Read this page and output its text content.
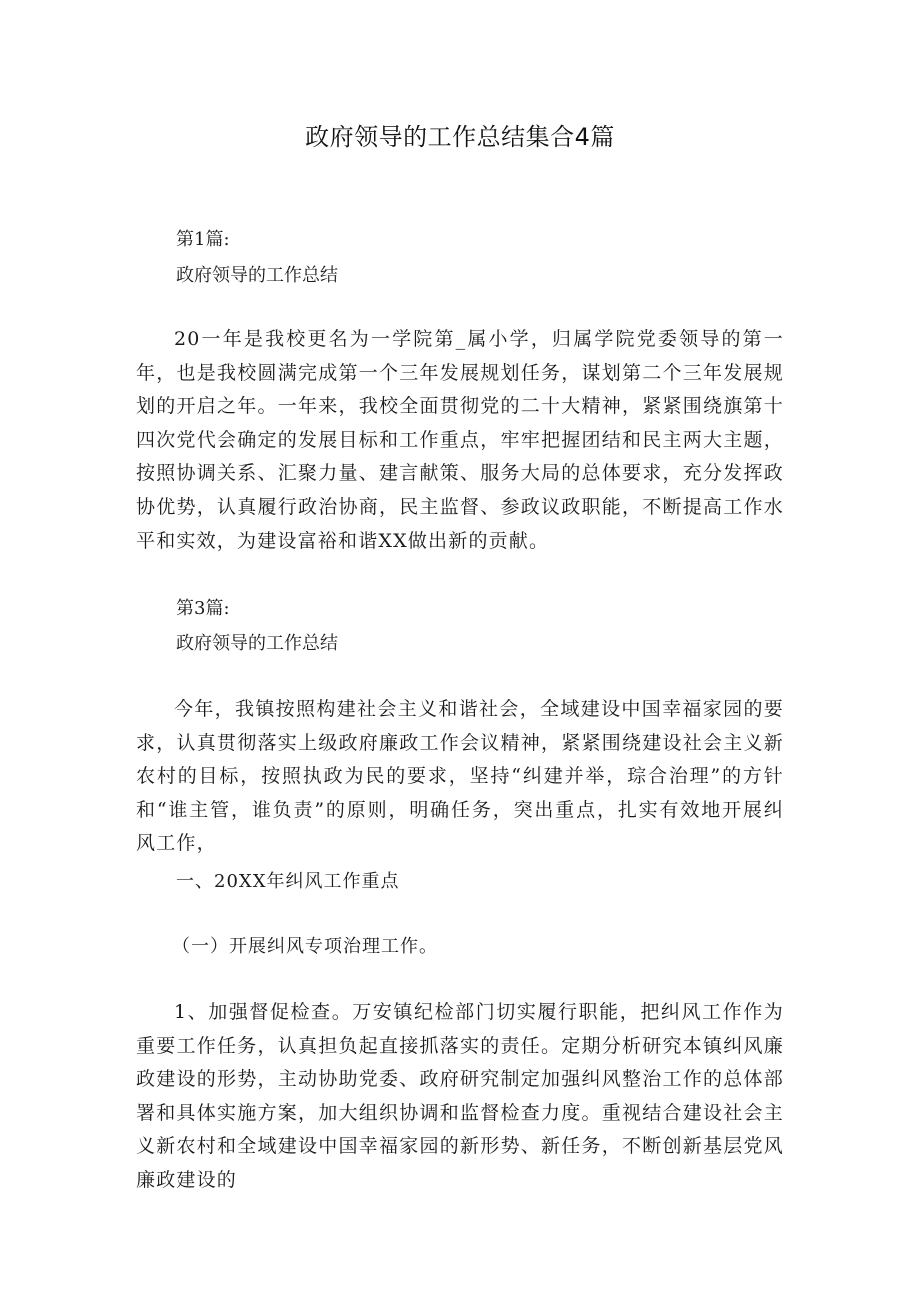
政府领导的工作总结集合4篇

第1篇:

政府领导的工作总结

20一年是我校更名为一学院第_属小学，归属学院党委领导的第一年，也是我校圆满完成第一个三年发展规划任务，谋划第二个三年发展规划的开启之年。一年来，我校全面贯彻党的二十大精神，紧紧围绕旗第十四次党代会确定的发展目标和工作重点，牢牢把握团结和民主两大主题，按照协调关系、汇聚力量、建言献策、服务大局的总体要求，充分发挥政协优势，认真履行政治协商，民主监督、参政议政职能，不断提高工作水平和实效，为建设富裕和谐XX做出新的贡献。

第3篇:

政府领导的工作总结

今年，我镇按照构建社会主义和谐社会，全域建设中国幸福家园的要求，认真贯彻落实上级政府廉政工作会议精神，紧紧围绕建设社会主义新农村的目标，按照执政为民的要求，坚持“纠建并举，琮合治理”的方针和“谁主管，谁负责”的原则，明确任务，突出重点，扎实有效地开展纠风工作，

一、20XX年纠风工作重点

（一）开展纠风专项治理工作。

1、加强督促检查。万安镇纪检部门切实履行职能，把纠风工作作为重要工作任务，认真担负起直接抓落实的责任。定期分析研究本镇纠风廉政建设的形势，主动协助党委、政府研究制定加强纠风整治工作的总体部署和具体实施方案，加大组织协调和监督检查力度。重视结合建设社会主义新农村和全域建设中国幸福家园的新形势、新任务，不断创新基层党风廉政建设的
